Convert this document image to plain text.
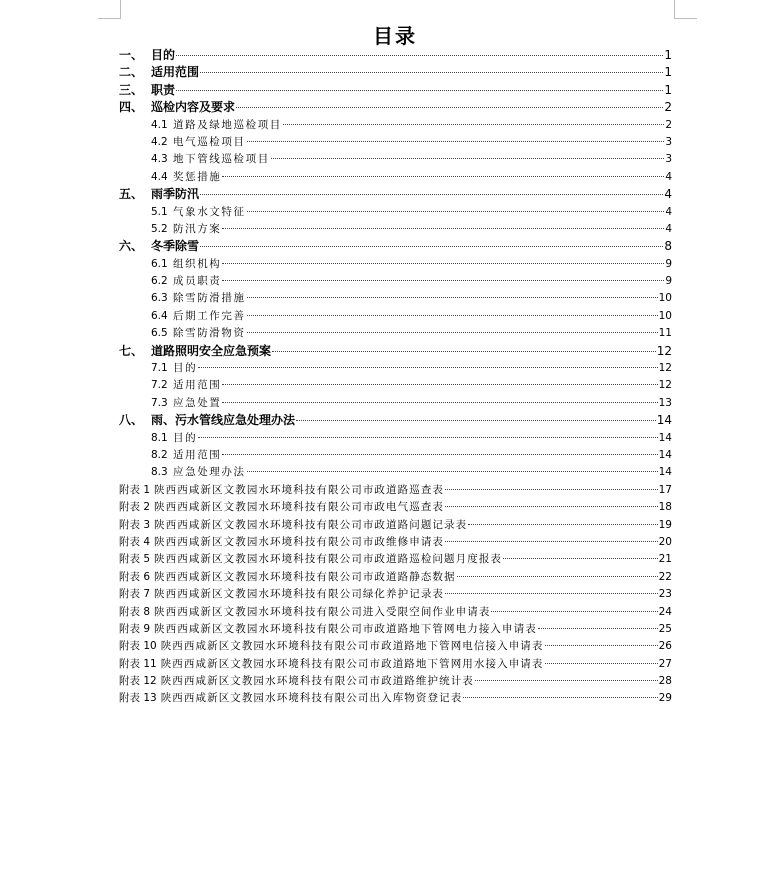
目录
一、 目的	1
二、 适用范围	1
三、 职责	1
四、 巡检内容及要求	2
4.1 道路及绿地巡检项目	2
4.2 电气巡检项目	3
4.3 地下管线巡检项目	3
4.4 奖惩措施	4
五、 雨季防汛	4
5.1 气象水文特征	4
5.2 防汛方案	4
六、 冬季除雪	8
6.1 组织机构	9
6.2 成员职责	9
6.3 除雪防滑措施	10
6.4 后期工作完善	10
6.5 除雪防滑物资	11
七、 道路照明安全应急预案	12
7.1 目的	12
7.2 适用范围	12
7.3 应急处置	13
八、 雨、污水管线应急处理办法	14
8.1 目的	14
8.2 适用范围	14
8.3 应急处理办法	14
附表 1 陕西西咸新区文教园水环境科技有限公司市政道路巡查表	17
附表 2 陕西西咸新区文教园水环境科技有限公司市政电气巡查表	18
附表 3 陕西西咸新区文教园水环境科技有限公司市政道路问题记录表	19
附表 4 陕西西咸新区文教园水环境科技有限公司市政维修申请表	20
附表 5 陕西西咸新区文教园水环境科技有限公司市政道路巡检问题月度报表	21
附表 6 陕西西咸新区文教园水环境科技有限公司市政道路静态数据	22
附表 7 陕西西咸新区文教园水环境科技有限公司绿化养护记录表	23
附表 8 陕西西咸新区文教园水环境科技有限公司进入受限空间作业申请表	24
附表 9 陕西西咸新区文教园水环境科技有限公司市政道路地下管网电力接入申请表	25
附表 10 陕西西咸新区文教园水环境科技有限公司市政道路地下管网电信接入申请表	26
附表 11 陕西西咸新区文教园水环境科技有限公司市政道路地下管网用水接入申请表	27
附表 12 陕西西咸新区文教园水环境科技有限公司市政道路维护统计表	28
附表 13 陕西西咸新区文教园水环境科技有限公司出入库物资登记表	29
